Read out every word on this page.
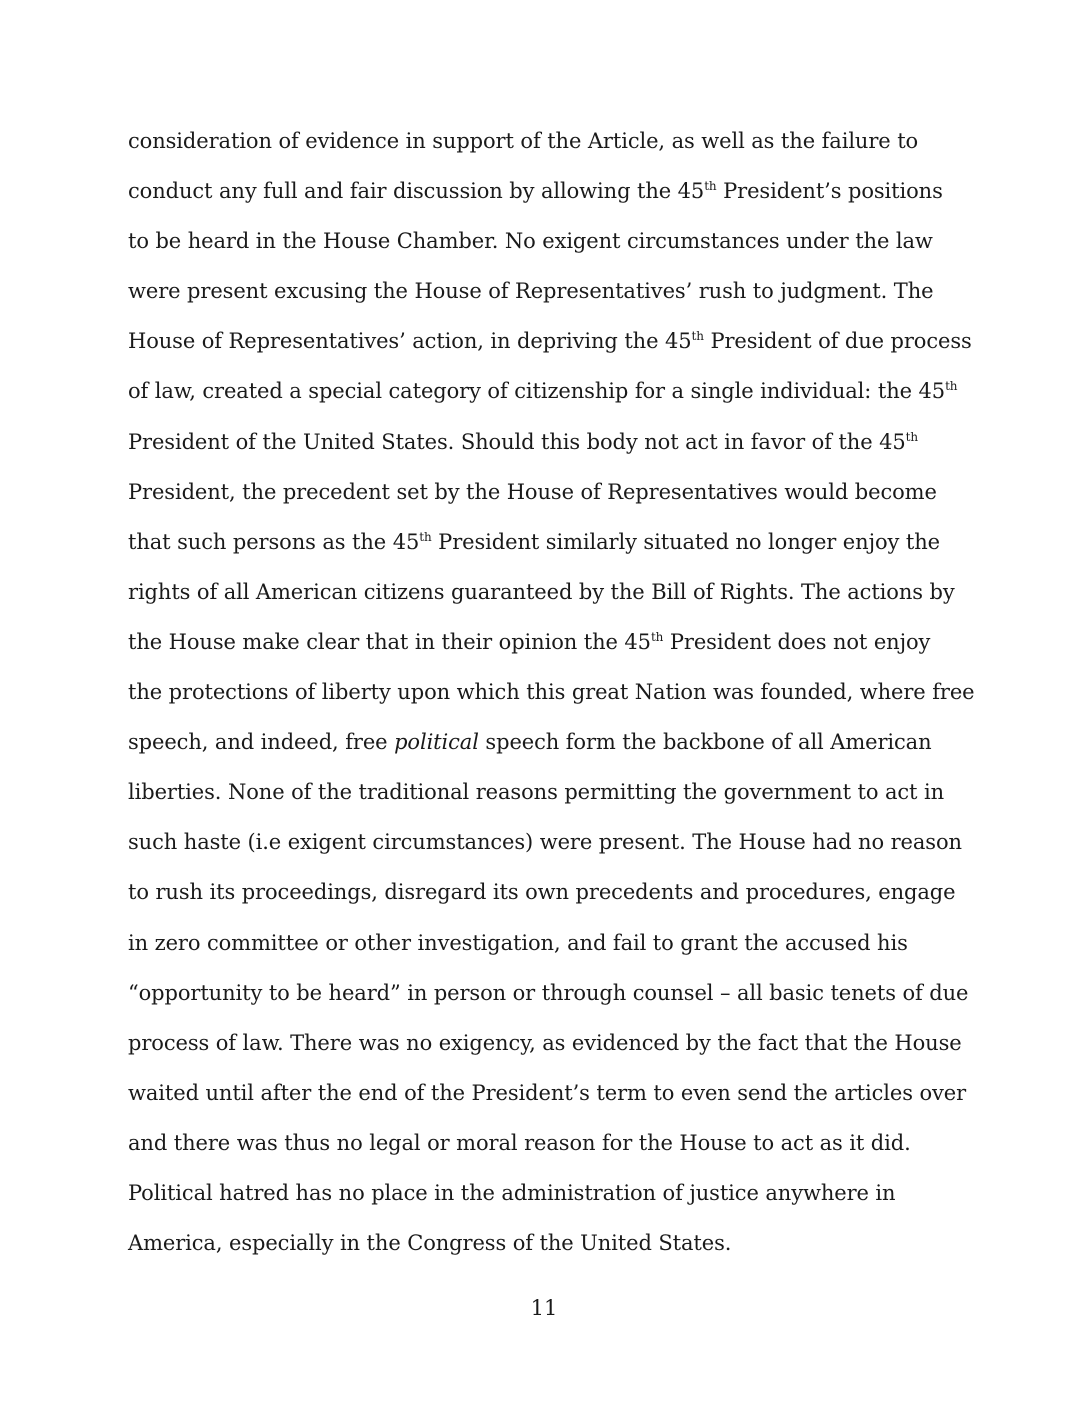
consideration of evidence in support of the Article, as well as the failure to
conduct any full and fair discussion by allowing the 45th President’s positions
to be heard in the House Chamber. No exigent circumstances under the law
were present excusing the House of Representatives’ rush to judgment. The
House of Representatives’ action, in depriving the 45th President of due process
of law, created a special category of citizenship for a single individual: the 45th
President of the United States. Should this body not act in favor of the 45th
President, the precedent set by the House of Representatives would become
that such persons as the 45th President similarly situated no longer enjoy the
rights of all American citizens guaranteed by the Bill of Rights. The actions by
the House make clear that in their opinion the 45th President does not enjoy
the protections of liberty upon which this great Nation was founded, where free
speech, and indeed, free political speech form the backbone of all American
liberties. None of the traditional reasons permitting the government to act in
such haste (i.e exigent circumstances) were present. The House had no reason
to rush its proceedings, disregard its own precedents and procedures, engage
in zero committee or other investigation, and fail to grant the accused his
“opportunity to be heard” in person or through counsel – all basic tenets of due
process of law. There was no exigency, as evidenced by the fact that the House
waited until after the end of the President’s term to even send the articles over
and there was thus no legal or moral reason for the House to act as it did.
Political hatred has no place in the administration of justice anywhere in
America, especially in the Congress of the United States.
11
